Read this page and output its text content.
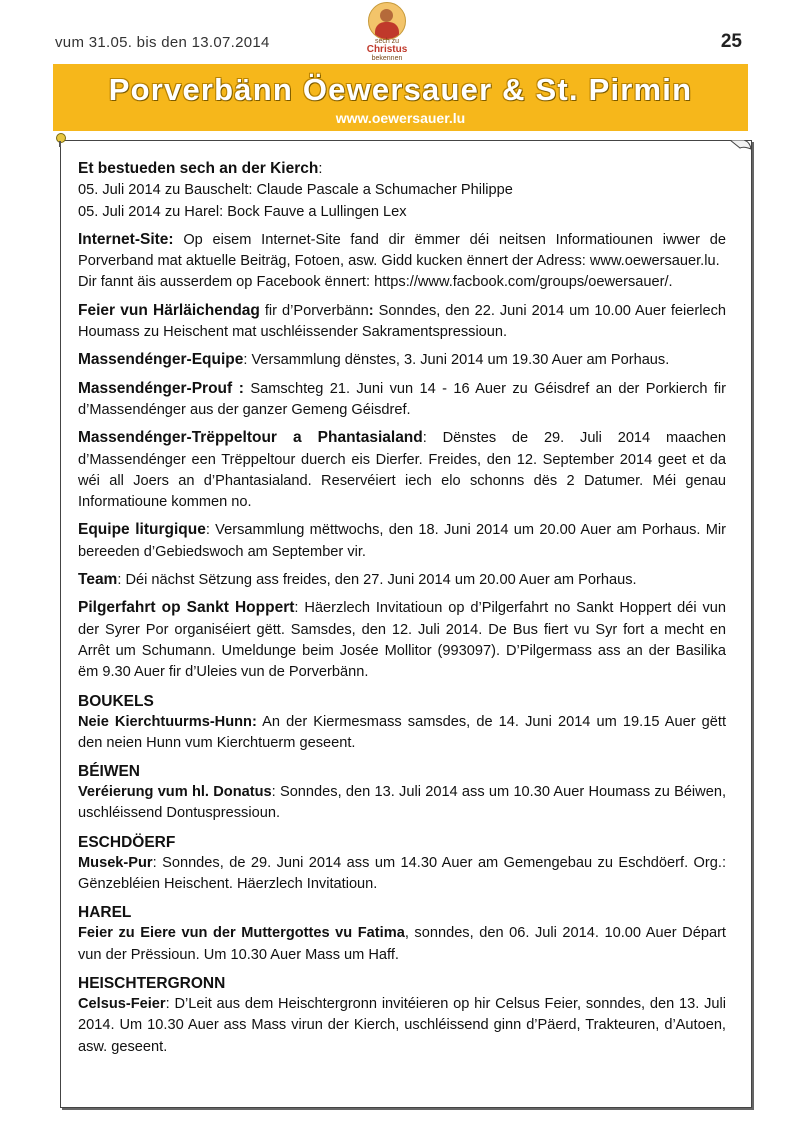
vum 31.05. bis den 13.07.2014	sech zu
Christus
bekennen
25
Porverbänn Öewersauer & St. Pirmin
www.oewersauer.lu

Et bestueden sech an der Kierch:

05. Juli 2014 zu Bauschelt: Claude Pascale a Schumacher Philippe

05. Juli 2014 zu Harel: Bock Fauve a Lullingen Lex

Internet-Site: Op eisem Internet-Site fand dir ëmmer déi neitsen Informatiounen iwwer de Porverband mat aktuelle Beiträg, Fotoen, asw. Gidd kucken ënnert der Adress: www.oewersauer.lu.

Dir fannt äis ausserdem op Facebook ënnert: https://www.facbook.com/groups/oewersauer/.

Feier vun Härläichendag fir d’Porverbänn: Sonndes, den 22. Juni 2014 um 10.00 Auer feierlech Houmass zu Heischent mat uschléissender Sakramentspressioun.

Massendénger-Equipe: Versammlung dënstes, 3. Juni 2014 um 19.30 Auer am Porhaus.

Massendénger-Prouf : Samschteg 21. Juni vun 14 - 16 Auer zu Géisdref an der Porkierch fir d’Massendénger aus der ganzer Gemeng Géisdref.

Massendénger-Trëppeltour a Phantasialand: Dënstes de 29. Juli 2014 maachen d’Massendénger een Trëppeltour duerch eis Dierfer. Freides, den 12. September 2014 geet et da wéi all Joers an d’Phantasialand. Reservéiert iech elo schonns dës 2 Datumer. Méi genau Informatioune kommen no.

Equipe liturgique: Versammlung mëttwochs, den 18. Juni 2014 um 20.00 Auer am Porhaus. Mir bereeden d’Gebiedswoch am September vir.

Team: Déi nächst Sëtzung ass freides, den 27. Juni 2014 um 20.00 Auer am Porhaus.

Pilgerfahrt op Sankt Hoppert: Häerzlech Invitatioun op d’Pilgerfahrt no Sankt Hoppert déi vun der Syrer Por organiséiert gëtt. Samsdes, den 12. Juli 2014. De Bus fiert vu Syr fort a mecht en Arrêt um Schumann. Umeldunge beim Josée Mollitor (993097). D’Pilgermass ass an der Basilika ëm 9.30 Auer fir d’Uleies vun de Porverbänn.

BOUKELS

Neie Kierchtuurms-Hunn: An der Kiermesmass samsdes, de 14. Juni 2014 um 19.15 Auer gëtt den neien Hunn vum Kierchtuerm geseent.

BÉIWEN

Veréierung vum hl. Donatus: Sonndes, den 13. Juli 2014 ass um 10.30 Auer Houmass zu Béiwen, uschléissend Dontuspressioun.

ESCHDÖERF

Musek-Pur: Sonndes, de 29. Juni 2014 ass um 14.30 Auer am Gemengebau zu Eschdöerf. Org.: Gënzebléien Heischent. Häerzlech Invitatioun.

HAREL

Feier zu Eiere vun der Muttergottes vu Fatima, sonndes, den 06. Juli 2014. 10.00 Auer Départ vun der Prëssioun. Um 10.30 Auer Mass um Haff.

HEISCHTERGRONN

Celsus-Feier: D’Leit aus dem Heischtergronn invitéieren op hir Celsus Feier, sonndes, den 13. Juli 2014. Um 10.30 Auer ass Mass virun der Kierch, uschléissend ginn d’Päerd, Trakteuren, d’Autoen, asw. geseent.
